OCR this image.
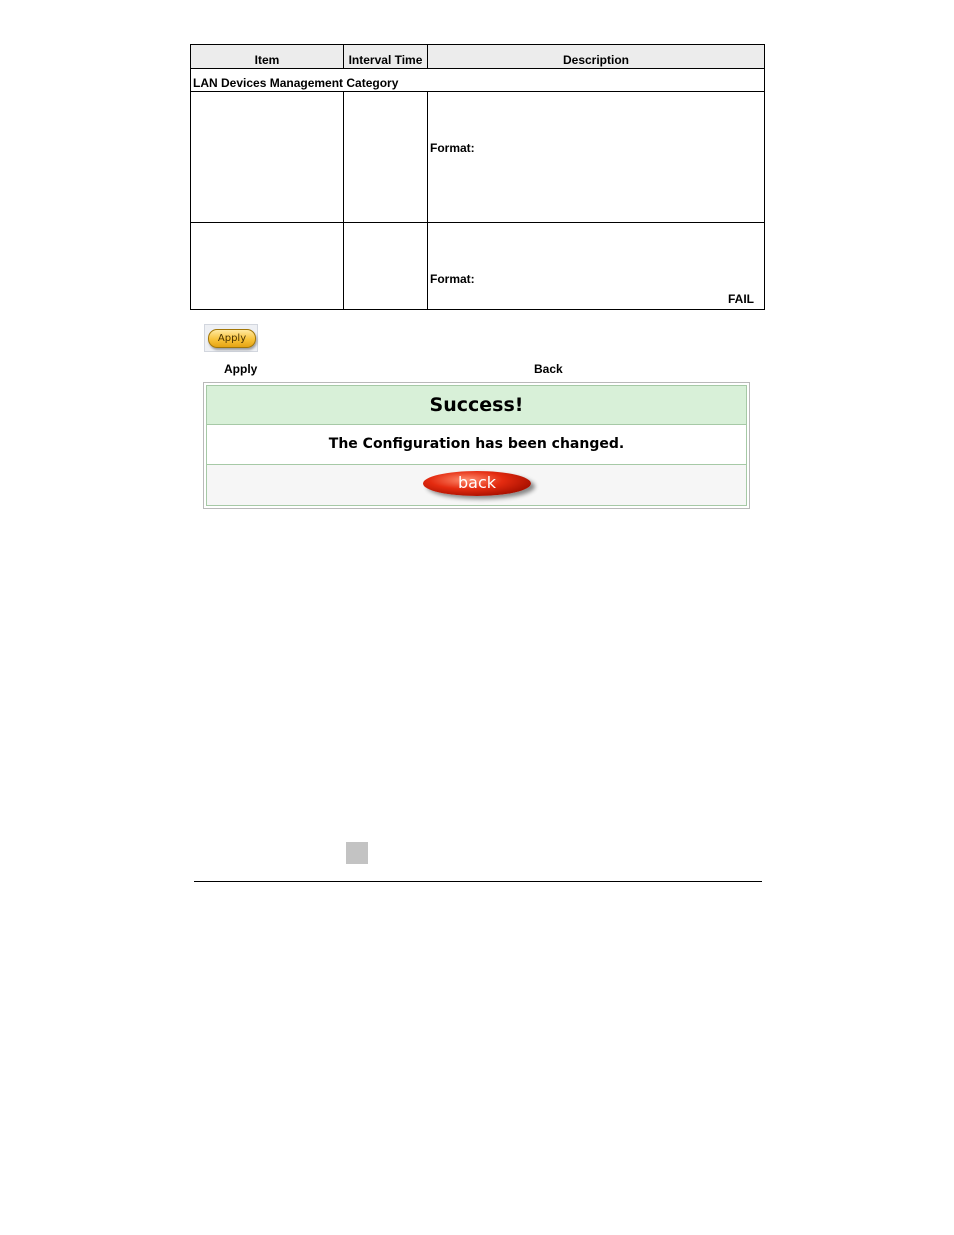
Item	Interval Time	Description
LAN Devices Management Category		

		Format:

		Format:
FAIL
Apply
Apply	Back
Success!
The Configuration has been changed.
back
